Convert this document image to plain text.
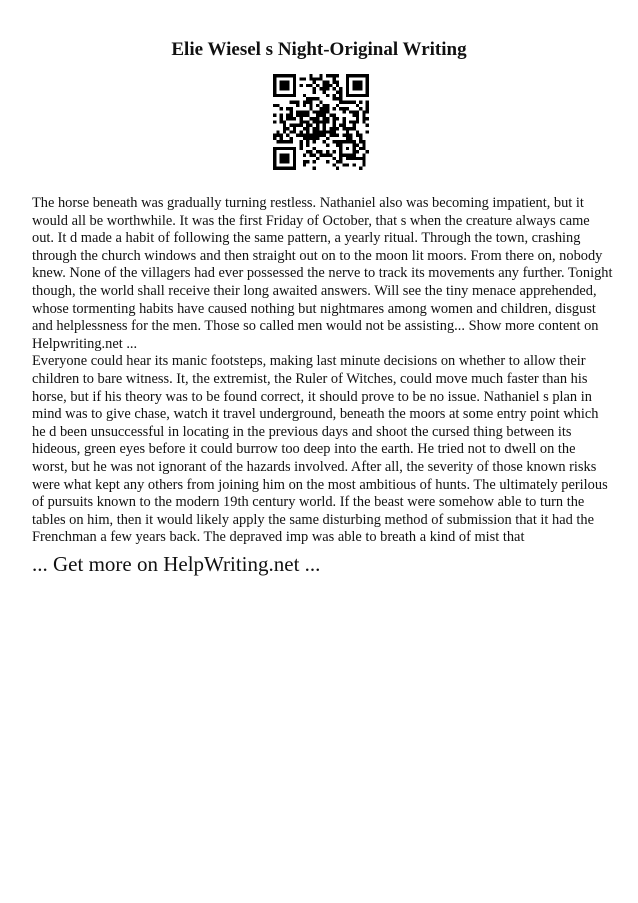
Elie Wiesel s Night-Original Writing

The horse beneath was gradually turning restless. Nathaniel also was becoming impatient, but it would all be worthwhile. It was the first Friday of October, that s when the creature always came out. It d made a habit of following the same pattern, a yearly ritual. Through the town, crashing through the church windows and then straight out on to the moon lit moors. From there on, nobody knew. None of the villagers had ever possessed the nerve to track its movements any further. Tonight though, the world shall receive their long awaited answers. Will see the tiny menace apprehended, whose tormenting habits have caused nothing but nightmares among women and children, disgust and helplessness for the men. Those so called men would not be assisting... Show more content on Helpwriting.net ...

Everyone could hear its manic footsteps, making last minute decisions on whether to allow their children to bare witness. It, the extremist, the Ruler of Witches, could move much faster than his horse, but if his theory was to be found correct, it should prove to be no issue. Nathaniel s plan in mind was to give chase, watch it travel underground, beneath the moors at some entry point which he d been unsuccessful in locating in the previous days and shoot the cursed thing between its hideous, green eyes before it could burrow too deep into the earth. He tried not to dwell on the worst, but he was not ignorant of the hazards involved. After all, the severity of those known risks were what kept any others from joining him on the most ambitious of hunts. The ultimately perilous of pursuits known to the modern 19th century world. If the beast were somehow able to turn the tables on him, then it would likely apply the same disturbing method of submission that it had the Frenchman a few years back. The depraved imp was able to breath a kind of mist that

... Get more on HelpWriting.net ...
